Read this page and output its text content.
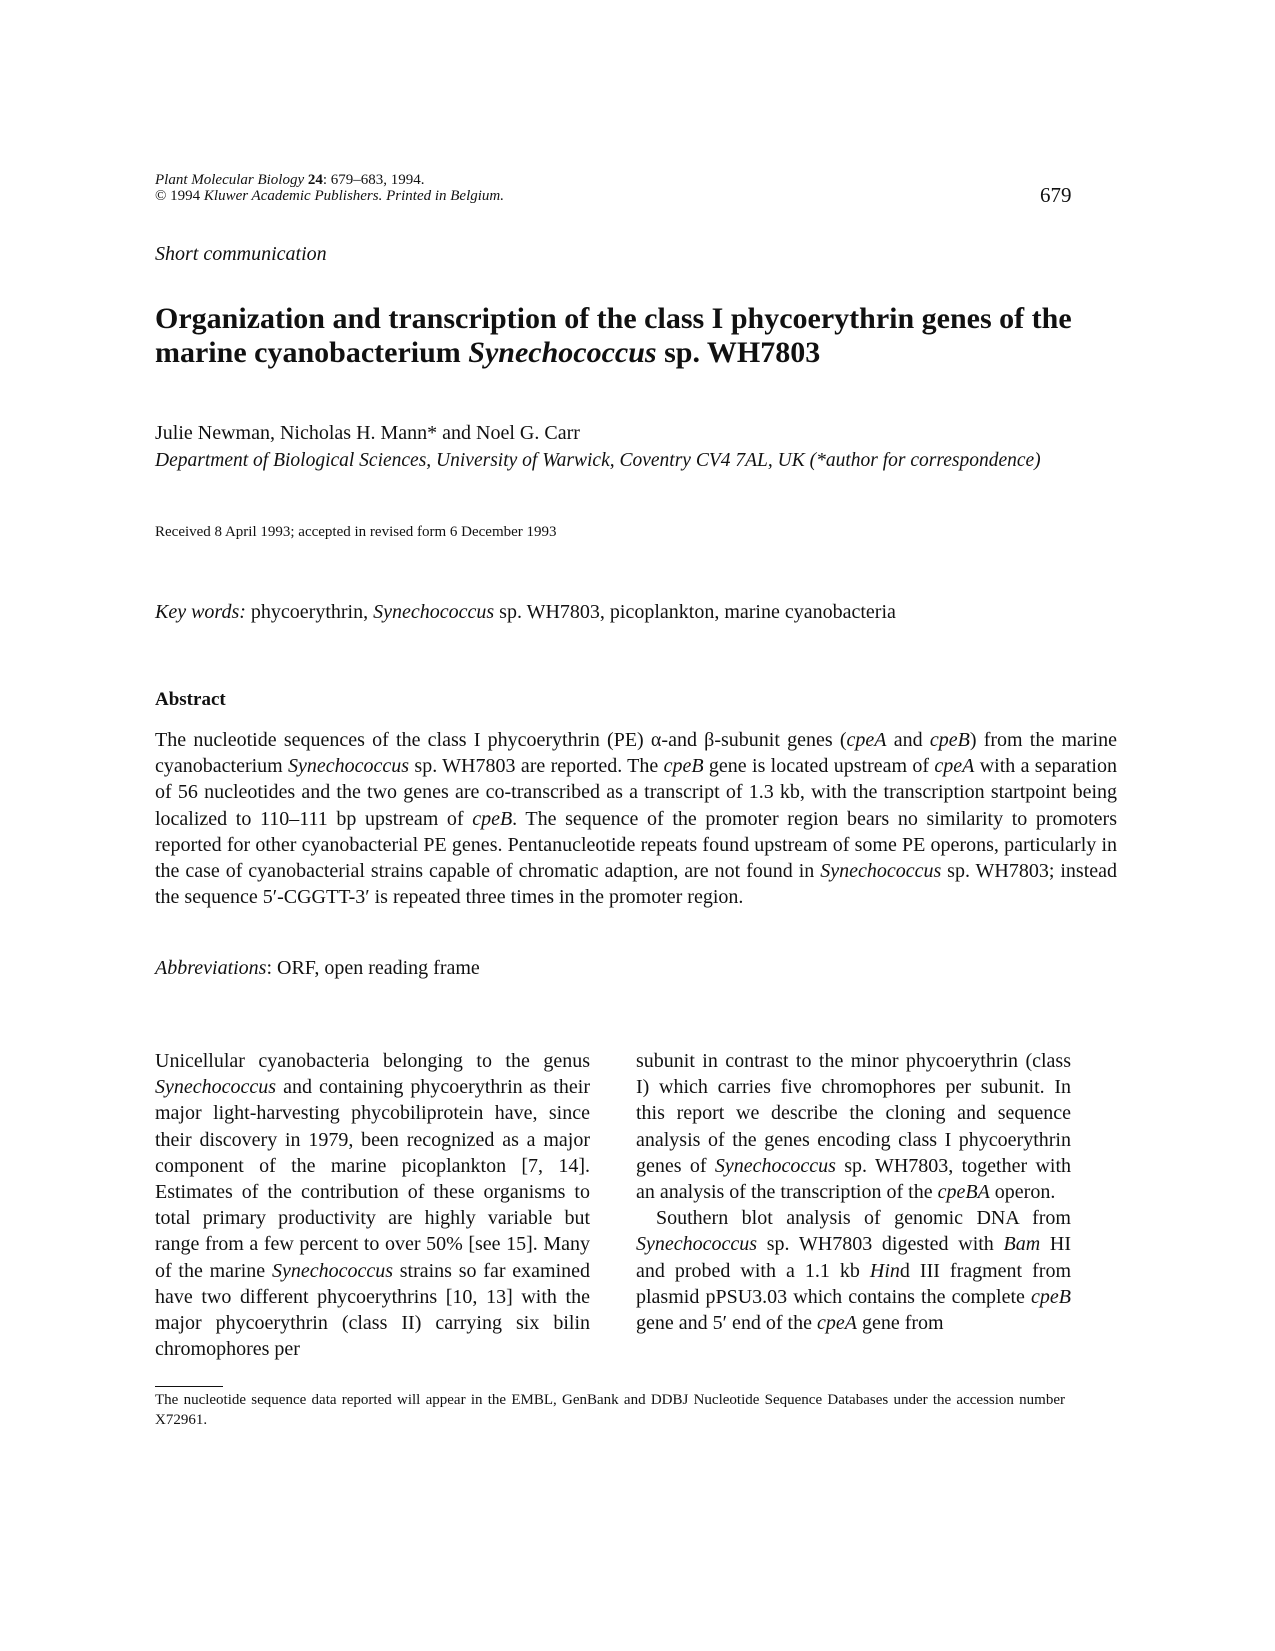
Plant Molecular Biology 24: 679–683, 1994.
© 1994 Kluwer Academic Publishers. Printed in Belgium.	679
Short communication
Organization and transcription of the class I phycoerythrin genes of the marine cyanobacterium Synechococcus sp. WH7803
Julie Newman, Nicholas H. Mann* and Noel G. Carr
Department of Biological Sciences, University of Warwick, Coventry CV4 7AL, UK (*author for correspondence)
Received 8 April 1993; accepted in revised form 6 December 1993
Key words: phycoerythrin, Synechococcus sp. WH7803, picoplankton, marine cyanobacteria
Abstract

The nucleotide sequences of the class I phycoerythrin (PE) α-and β-subunit genes (cpeA and cpeB) from the marine cyanobacterium Synechococcus sp. WH7803 are reported. The cpeB gene is located upstream of cpeA with a separation of 56 nucleotides and the two genes are co-transcribed as a transcript of 1.3 kb, with the transcription startpoint being localized to 110–111 bp upstream of cpeB. The sequence of the promoter region bears no similarity to promoters reported for other cyanobacterial PE genes. Pentanucleotide repeats found upstream of some PE operons, particularly in the case of cyanobacterial strains capable of chromatic adaption, are not found in Synechococcus sp. WH7803; instead the sequence 5′-CGGTT-3′ is repeated three times in the promoter region.

Abbreviations: ORF, open reading frame

Unicellular cyanobacteria belonging to the genus Synechococcus and containing phycoerythrin as their major light-harvesting phycobiliprotein have, since their discovery in 1979, been recognized as a major component of the marine picoplankton [7, 14]. Estimates of the contribution of these organisms to total primary productivity are highly variable but range from a few percent to over 50% [see 15]. Many of the marine Synechococcus strains so far examined have two different phycoerythrins [10, 13] with the major phycoerythrin (class II) carrying six bilin chromophores per

subunit in contrast to the minor phycoerythrin (class I) which carries five chromophores per subunit. In this report we describe the cloning and sequence analysis of the genes encoding class I phycoerythrin genes of Synechococcus sp. WH7803, together with an analysis of the transcription of the cpeBA operon.

Southern blot analysis of genomic DNA from Synechococcus sp. WH7803 digested with Bam HI and probed with a 1.1 kb Hind III fragment from plasmid pPSU3.03 which contains the complete cpeB gene and 5′ end of the cpeA gene from

The nucleotide sequence data reported will appear in the EMBL, GenBank and DDBJ Nucleotide Sequence Databases under the accession number X72961.
